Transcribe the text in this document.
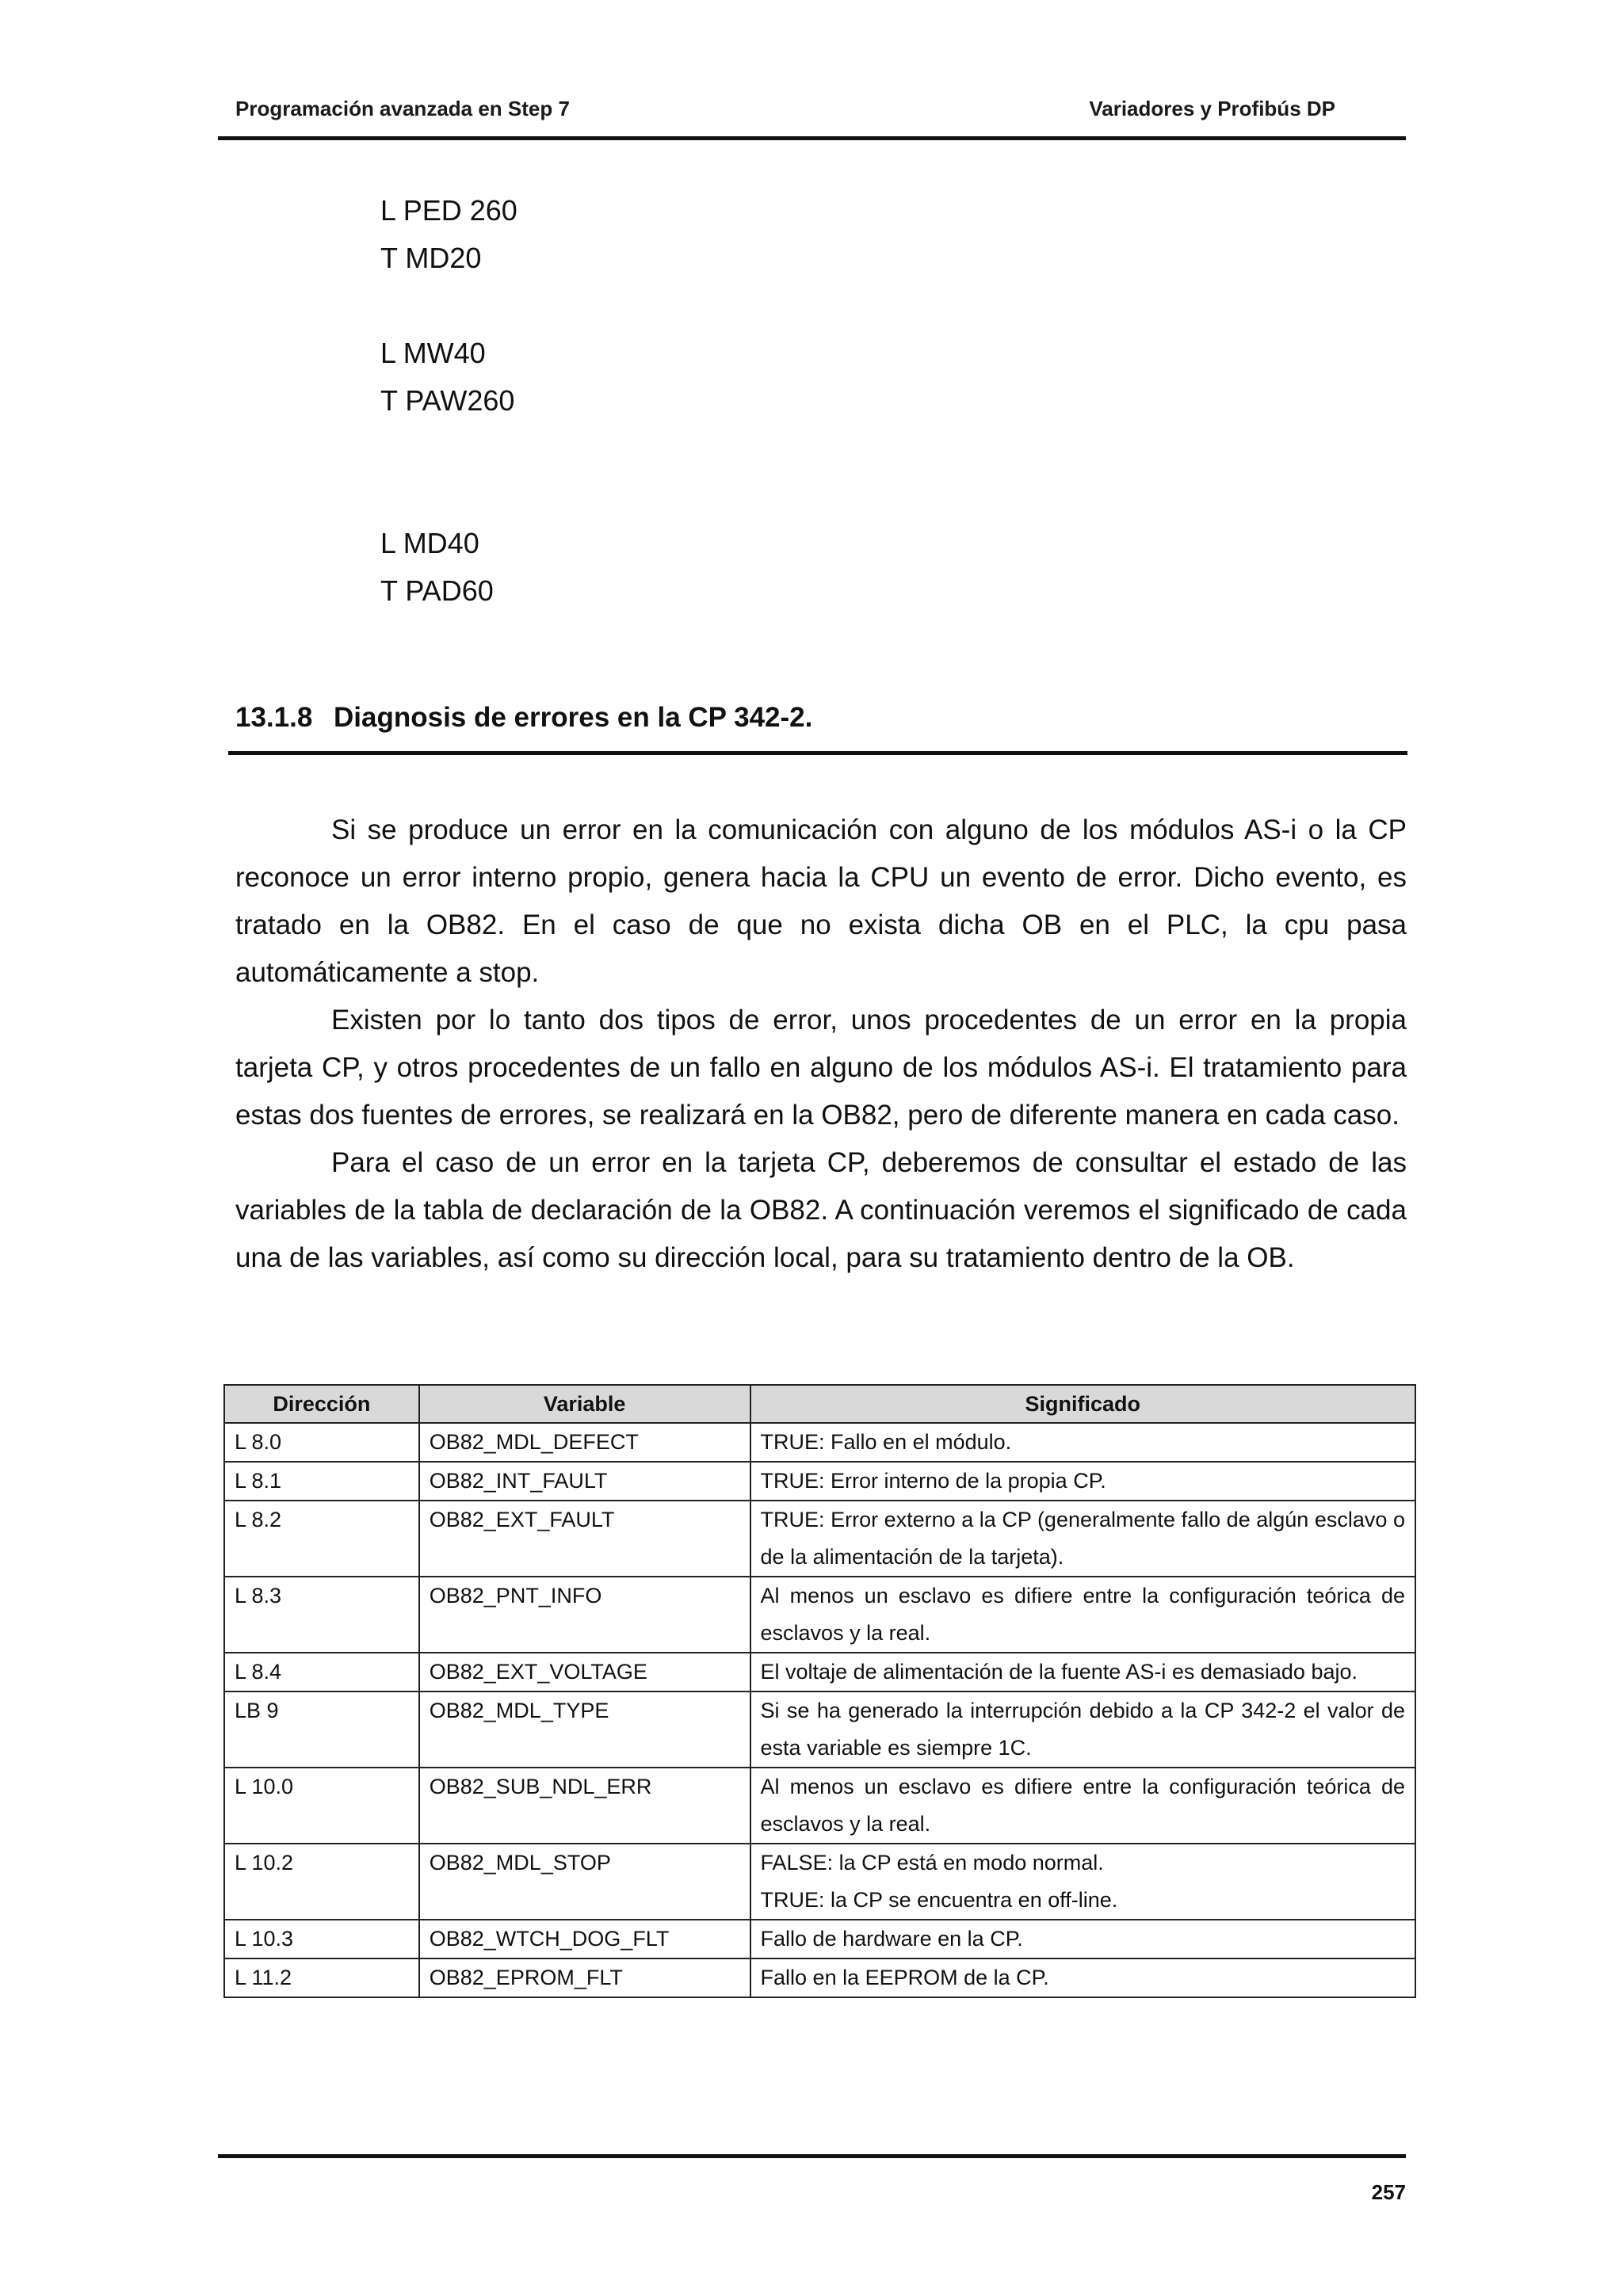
Programación avanzada en Step 7	Variadores y Profibús DP
L PED 260
T MD20
L MW40
T PAW260
L MD40
T PAD60
13.1.8 Diagnosis de errores en la CP 342-2.

Si se produce un error en la comunicación con alguno de los módulos AS-i o la CP reconoce un error interno propio, genera hacia la CPU un evento de error. Dicho evento, es tratado en la OB82. En el caso de que no exista dicha OB en el PLC, la cpu pasa automáticamente a stop.

Existen por lo tanto dos tipos de error, unos procedentes de un error en la propia tarjeta CP, y otros procedentes de un fallo en alguno de los módulos AS-i. El tratamiento para estas dos fuentes de errores, se realizará en la OB82, pero de diferente manera en cada caso.

Para el caso de un error en la tarjeta CP, deberemos de consultar el estado de las variables de la tabla de declaración de la OB82. A continuación veremos el significado de cada una de las variables, así como su dirección local, para su tratamiento dentro de la OB.

Dirección	Variable	Significado
L 8.0	OB82_MDL_DEFECT	TRUE: Fallo en el módulo.
L 8.1	OB82_INT_FAULT	TRUE: Error interno de la propia CP.
L 8.2	OB82_EXT_FAULT	TRUE: Error externo a la CP (generalmente fallo de algún esclavo o de la alimentación de la tarjeta).
L 8.3	OB82_PNT_INFO	Al menos un esclavo es difiere entre la configuración teórica de esclavos y la real.
L 8.4	OB82_EXT_VOLTAGE	El voltaje de alimentación de la fuente AS-i es demasiado bajo.
LB 9	OB82_MDL_TYPE	Si se ha generado la interrupción debido a la CP 342-2 el valor de esta variable es siempre 1C.
L 10.0	OB82_SUB_NDL_ERR	Al menos un esclavo es difiere entre la configuración teórica de esclavos y la real.
L 10.2	OB82_MDL_STOP	FALSE: la CP está en modo normal.
TRUE: la CP se encuentra en off-line.

L 10.3	OB82_WTCH_DOG_FLT	Fallo de hardware en la CP.
L 11.2	OB82_EPROM_FLT	Fallo en la EEPROM de la CP.
257
